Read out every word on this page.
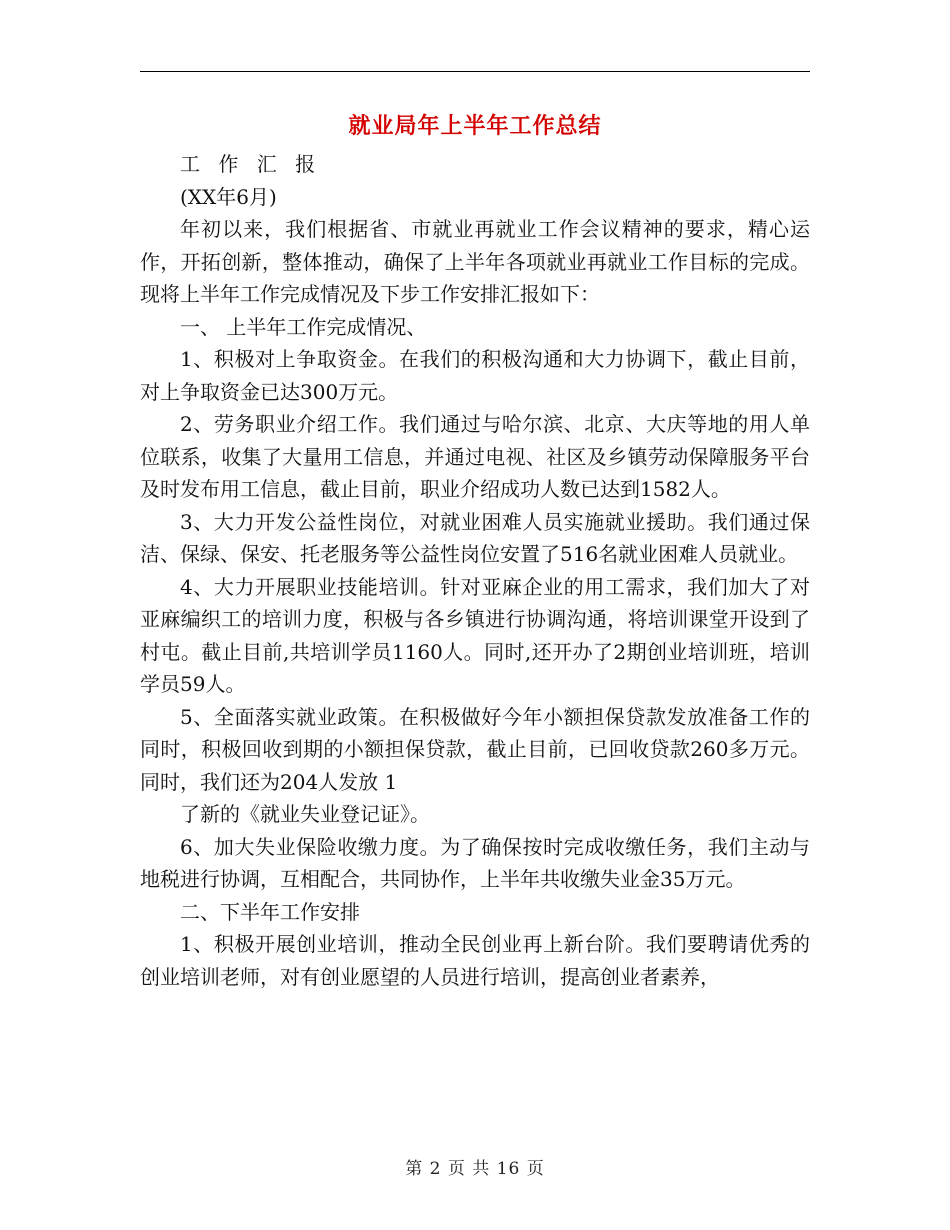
就业局年上半年工作总结

工 作 汇 报

(XX年6月)

年初以来，我们根据省、市就业再就业工作会议精神的要求，精心运作，开拓创新，整体推动，确保了上半年各项就业再就业工作目标的完成。现将上半年工作完成情况及下步工作安排汇报如下：

一、 上半年工作完成情况、

1、积极对上争取资金。在我们的积极沟通和大力协调下，截止目前，对上争取资金已达300万元。

2、劳务职业介绍工作。我们通过与哈尔滨、北京、大庆等地的用人单位联系，收集了大量用工信息，并通过电视、社区及乡镇劳动保障服务平台及时发布用工信息，截止目前，职业介绍成功人数已达到1582人。

3、大力开发公益性岗位，对就业困难人员实施就业援助。我们通过保洁、保绿、保安、托老服务等公益性岗位安置了516名就业困难人员就业。

4、大力开展职业技能培训。针对亚麻企业的用工需求，我们加大了对亚麻编织工的培训力度，积极与各乡镇进行协调沟通，将培训课堂开设到了村屯。截止目前,共培训学员1160人。同时,还开办了2期创业培训班，培训学员59人。

5、全面落实就业政策。在积极做好今年小额担保贷款发放准备工作的同时，积极回收到期的小额担保贷款，截止目前，已回收贷款260多万元。同时，我们还为204人发放 1

了新的《就业失业登记证》。

6、加大失业保险收缴力度。为了确保按时完成收缴任务，我们主动与地税进行协调，互相配合，共同协作，上半年共收缴失业金35万元。

二、下半年工作安排

1、积极开展创业培训，推动全民创业再上新台阶。我们要聘请优秀的创业培训老师，对有创业愿望的人员进行培训，提高创业者素养，

第 2 页 共 16 页
